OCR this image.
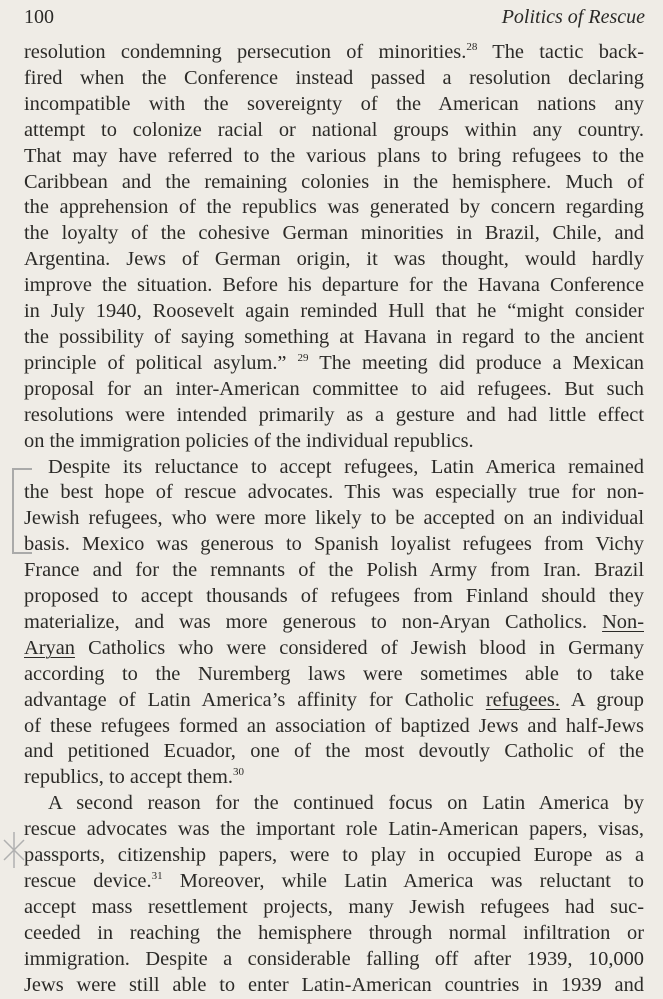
100	Politics of Rescue
resolution condemning persecution of minorities.$^{28}$ The tactic back-
fired when the Conference instead passed a resolution declaring
incompatible with the sovereignty of the American nations any
attempt to colonize racial or national groups within any country.
That may have referred to the various plans to bring refugees to the
Caribbean and the remaining colonies in the hemisphere. Much of
the apprehension of the republics was generated by concern regarding
the loyalty of the cohesive German minorities in Brazil, Chile, and
Argentina. Jews of German origin, it was thought, would hardly
improve the situation. Before his departure for the Havana Conference
in July 1940, Roosevelt again reminded Hull that he “might consider
the possibility of saying something at Havana in regard to the ancient
principle of political asylum.” $^{29}$ The meeting did produce a Mexican
proposal for an inter-American committee to aid refugees. But such
resolutions were intended primarily as a gesture and had little effect
on the immigration policies of the individual republics.
Despite its reluctance to accept refugees, Latin America remained
the best hope of rescue advocates. This was especially true for non-
Jewish refugees, who were more likely to be accepted on an individual
basis. Mexico was generous to Spanish loyalist refugees from Vichy
France and for the remnants of the Polish Army from Iran. Brazil
proposed to accept thousands of refugees from Finland should they
materialize, and was more generous to non-Aryan Catholics. Non-
Aryan Catholics who were considered of Jewish blood in Germany
according to the Nuremberg laws were sometimes able to take
advantage of Latin America’s affinity for Catholic refugees. A group
of these refugees formed an association of baptized Jews and half-Jews
and petitioned Ecuador, one of the most devoutly Catholic of the
republics, to accept them.$^{30}$
A second reason for the continued focus on Latin America by
rescue advocates was the important role Latin-American papers, visas,
passports, citizenship papers, were to play in occupied Europe as a
rescue device.$^{31}$ Moreover, while Latin America was reluctant to
accept mass resettlement projects, many Jewish refugees had suc-
ceeded in reaching the hemisphere through normal infiltration or
immigration. Despite a considerable falling off after 1939, 10,000
Jews were still able to enter Latin-American countries in 1939 and
